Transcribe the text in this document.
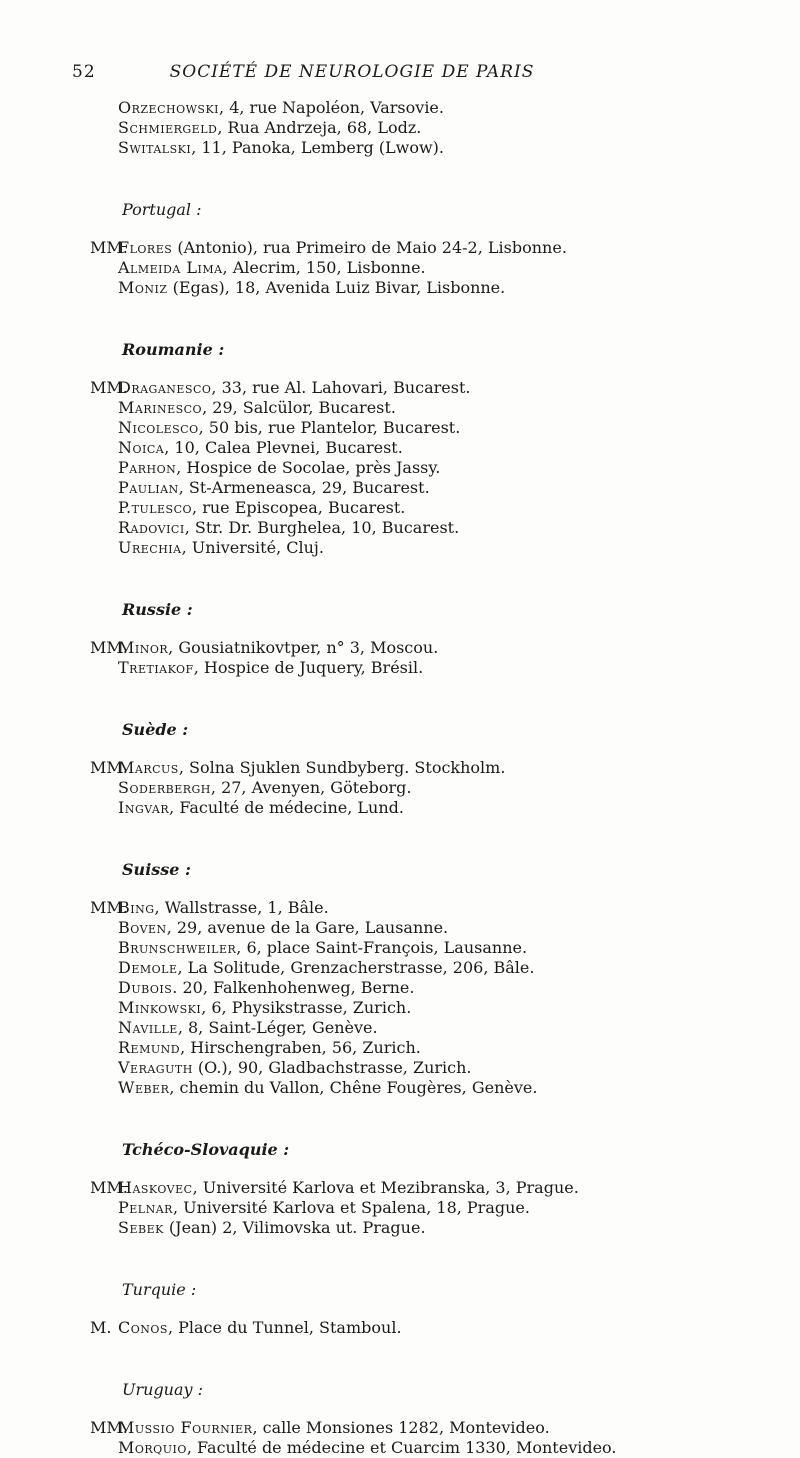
52	SOCIÉTÉ DE NEUROLOGIE DE PARIS
Orzechowski, 4, rue Napoléon, Varsovie.
Schmiergeld, Rua Andrzeja, 68, Lodz.
Switalski, 11, Panoka, Lemberg (Lwow).
Portugal :
MM.
Flores (Antonio), rua Primeiro de Maio 24-2, Lisbonne.
Almeida Lima, Alecrim, 150, Lisbonne.
Moniz (Egas), 18, Avenida Luiz Bivar, Lisbonne.
Roumanie :
MM.
Draganesco, 33, rue Al. Lahovari, Bucarest.
Marinesco, 29, Salcülor, Bucarest.
Nicolesco, 50 bis, rue Plantelor, Bucarest.
Noica, 10, Calea Plevnei, Bucarest.
Parhon, Hospice de Socolae, près Jassy.
Paulian, St-Armeneasca, 29, Bucarest.
P.tulesco, rue Episcopea, Bucarest.
Radovici, Str. Dr. Burghelea, 10, Bucarest.
Urechia, Université, Cluj.
Russie :
MM.
Minor, Gousiatnikovtper, n° 3, Moscou.
Tretiakof, Hospice de Juquery, Brésil.
Suède :
MM.
Marcus, Solna Sjuklen Sundbyberg. Stockholm.
Soderbergh, 27, Avenyen, Göteborg.
Ingvar, Faculté de médecine, Lund.
Suisse :
MM.
Bing, Wallstrasse, 1, Bâle.
Boven, 29, avenue de la Gare, Lausanne.
Brunschweiler, 6, place Saint-François, Lausanne.
Demole, La Solitude, Grenzacherstrasse, 206, Bâle.
Dubois. 20, Falkenhohenweg, Berne.
Minkowski, 6, Physikstrasse, Zurich.
Naville, 8, Saint-Léger, Genève.
Remund, Hirschengraben, 56, Zurich.
Veraguth (O.), 90, Gladbachstrasse, Zurich.
Weber, chemin du Vallon, Chêne Fougères, Genève.
Tchéco-Slovaquie :
MM.
Haskovec, Université Karlova et Mezibranska, 3, Prague.
Pelnar, Université Karlova et Spalena, 18, Prague.
Sebek (Jean) 2, Vilimovska ut. Prague.
Turquie :
M. Conos, Place du Tunnel, Stamboul.
Uruguay :
MM.
Mussio Fournier, calle Monsiones 1282, Montevideo.
Morquio, Faculté de médecine et Cuarcim 1330, Montevideo.
